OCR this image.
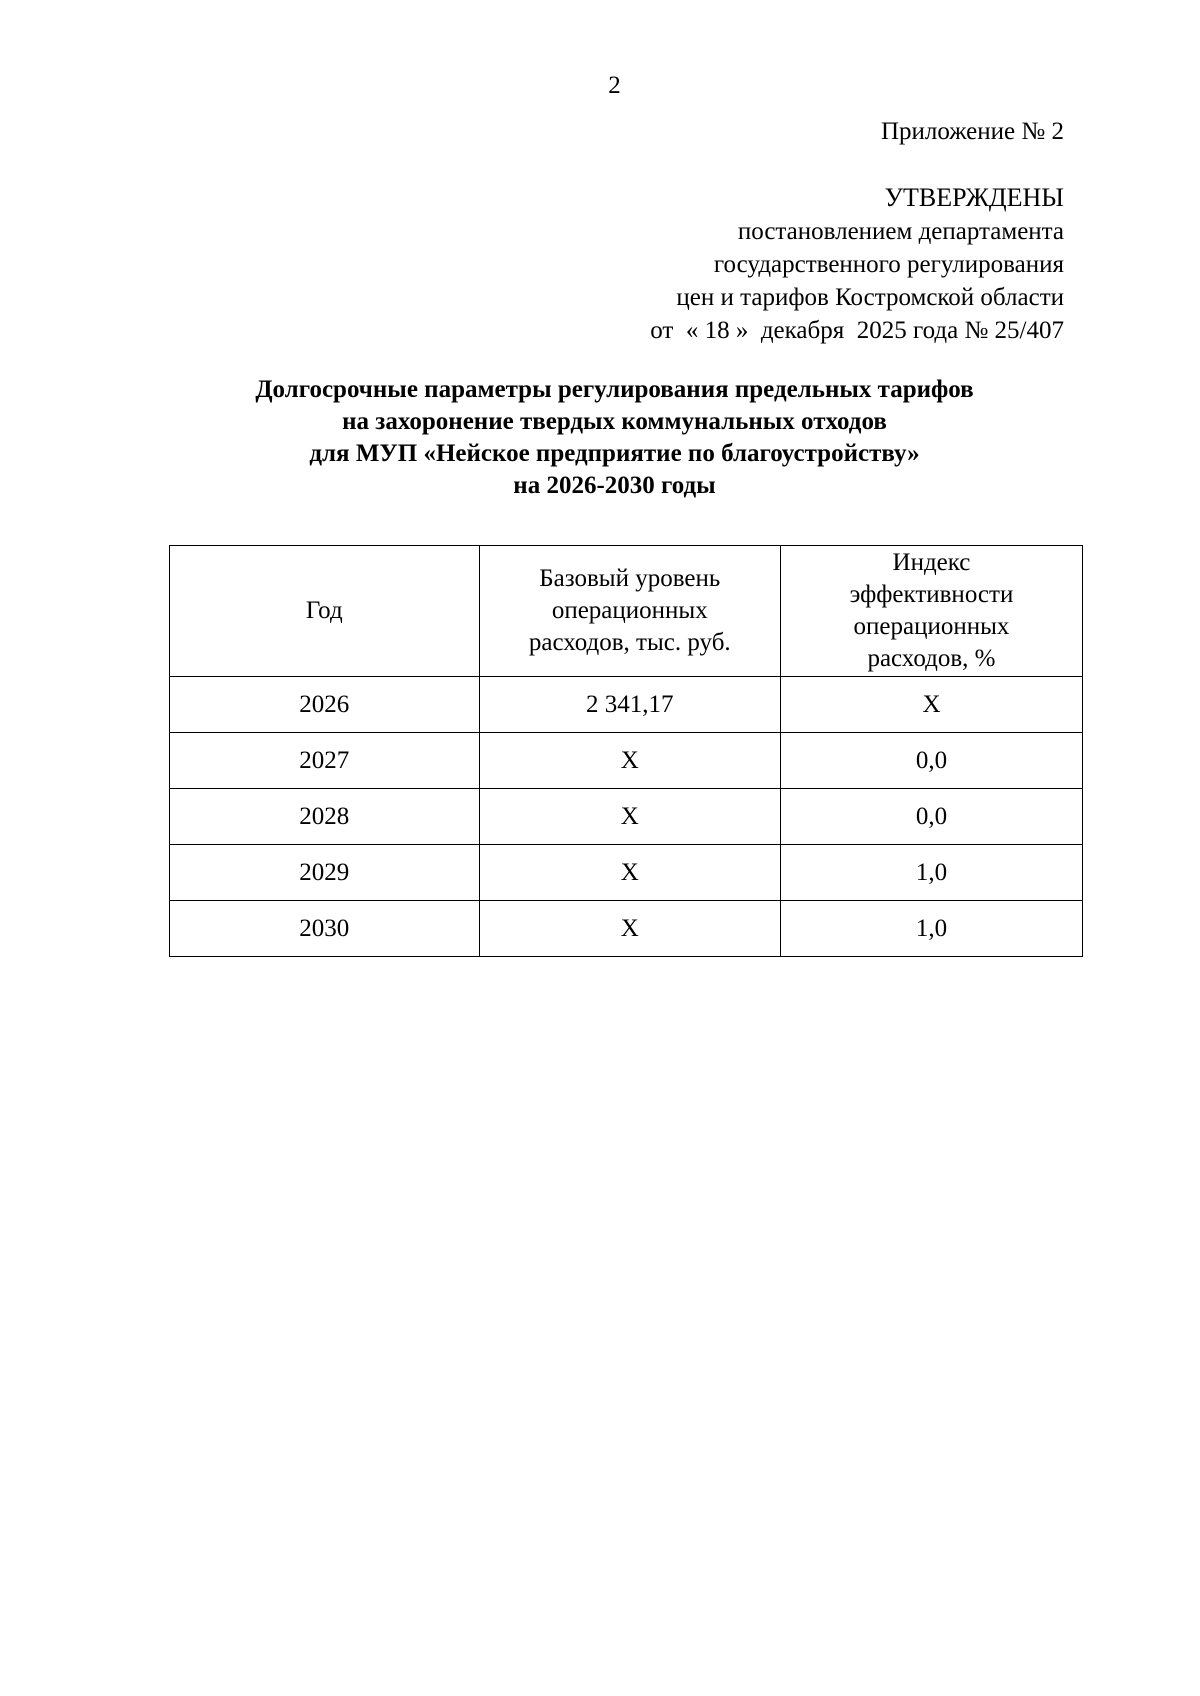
2
Приложение № 2
УТВЕРЖДЕНЫ
постановлением департамента
государственного регулирования
цен и тарифов Костромской области
от  « 18 »  декабря  2025 года № 25/407
Долгосрочные параметры регулирования предельных тарифов
на захоронение твердых коммунальных отходов
для МУП «Нейское предприятие по благоустройству»
на 2026-2030 годы
Год	Базовый уровень операционных расходов, тыс. руб.	Индекс эффективности операционных расходов, %

2026	2 341,17	X
2027	X	0,0
2028	X	0,0
2029	X	1,0
2030	X	1,0
